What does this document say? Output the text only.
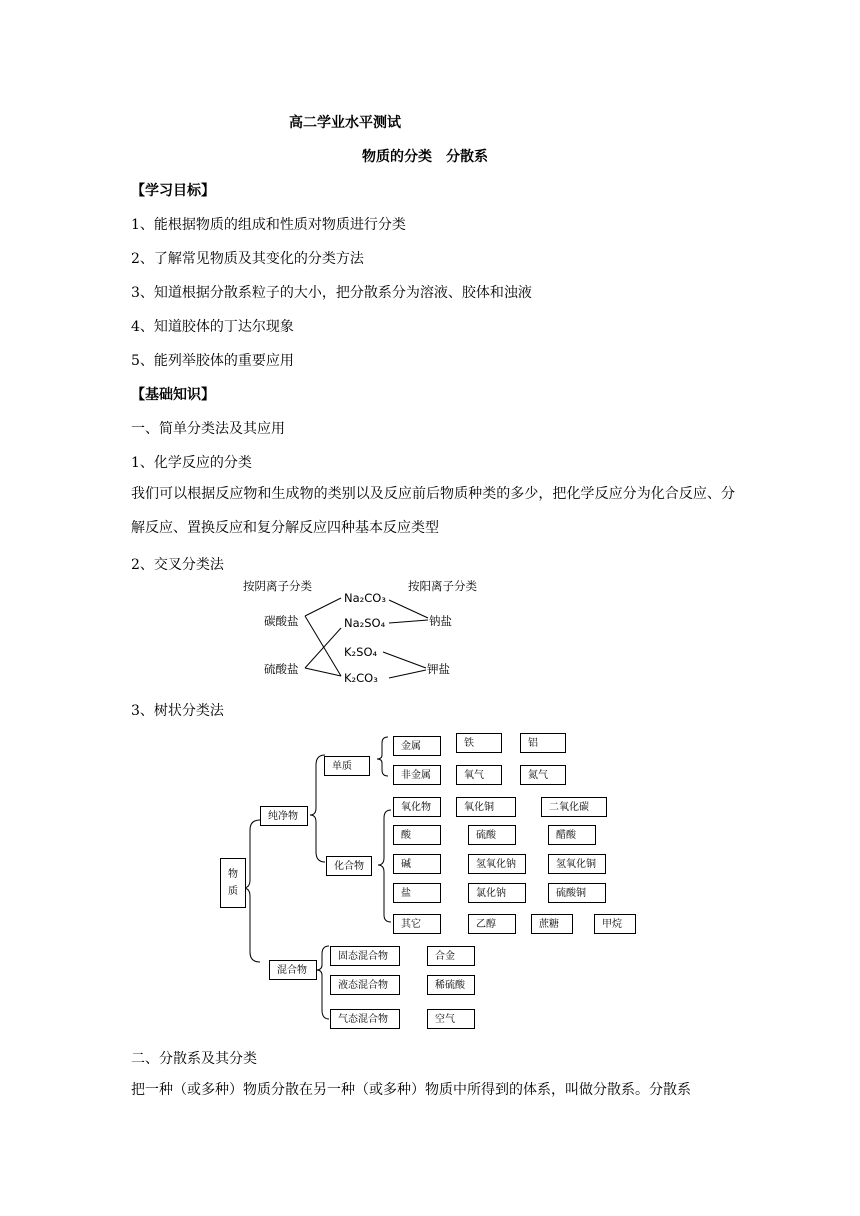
高二学业水平测试
物质的分类　分散系
【学习目标】
1、能根据物质的组成和性质对物质进行分类
2、了解常见物质及其变化的分类方法
3、知道根据分散系粒子的大小，把分散系分为溶液、胶体和浊液
4、知道胶体的丁达尔现象
5、能列举胶体的重要应用
【基础知识】
一、简单分类法及其应用
1、化学反应的分类
我们可以根据反应物和生成物的类别以及反应前后物质种类的多少，把化学反应分为化合反应、分解反应、置换反应和复分解反应四种基本反应类型
2、交叉分类法
按阴离子分类	按阳离子分类
碳酸盐
硫酸盐
Na₂CO₃
Na₂SO₄
K₂SO₄
K₂CO₃
钠盐
钾盐
3、树状分类法
物
质
纯净物
混合物
单质
化合物
金属	铁	铝
非金属	氧气	氮气
氧化物	氧化铜	二氧化碳
酸	硫酸	醋酸
碱	氢氧化钠	氢氧化铜
盐	氯化钠	硫酸铜
其它	乙醇	蔗糖	甲烷
固态混合物	合金
液态混合物	稀硫酸
气态混合物	空气
二、分散系及其分类
把一种（或多种）物质分散在另一种（或多种）物质中所得到的体系，叫做分散系。分散系
